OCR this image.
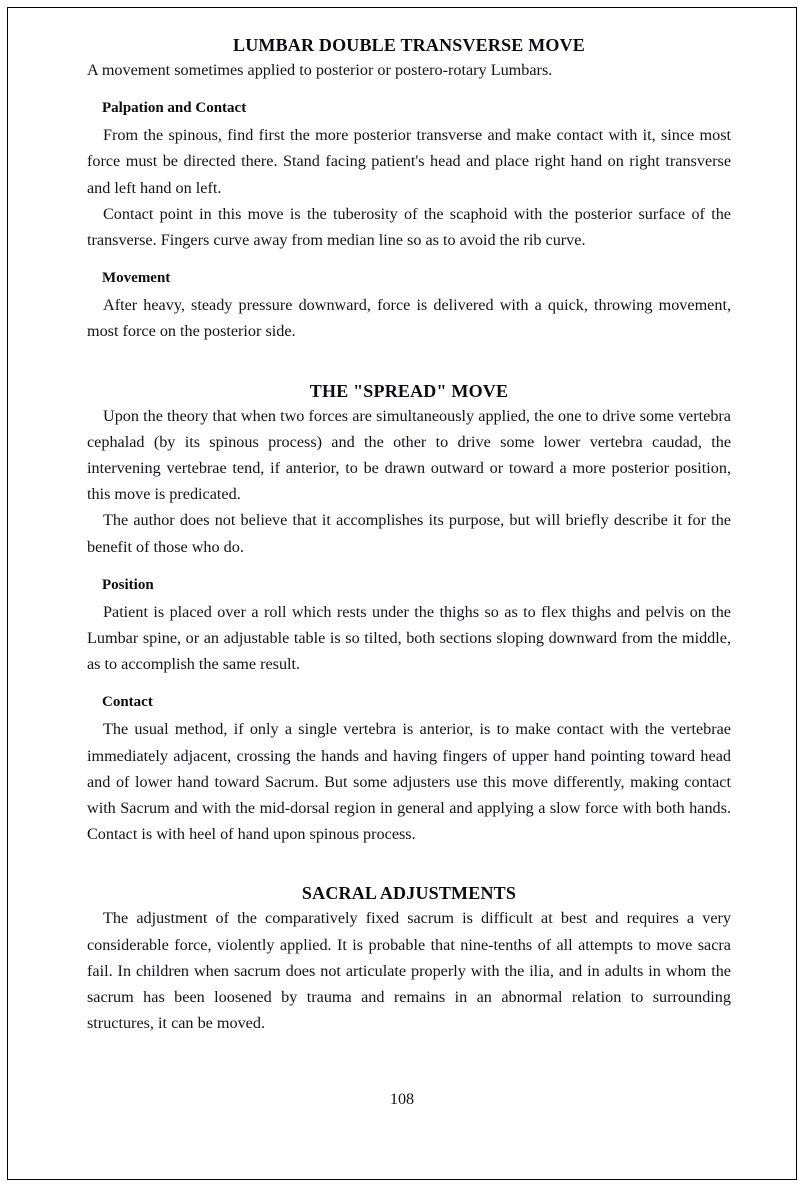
LUMBAR DOUBLE TRANSVERSE MOVE

A movement sometimes applied to posterior or postero-rotary Lumbars.

Palpation and Contact

From the spinous, find first the more posterior transverse and make contact with it, since most force must be directed there. Stand facing patient's head and place right hand on right transverse and left hand on left.

Contact point in this move is the tuberosity of the scaphoid with the posterior surface of the transverse. Fingers curve away from median line so as to avoid the rib curve.

Movement

After heavy, steady pressure downward, force is delivered with a quick, throwing movement, most force on the posterior side.

THE "SPREAD" MOVE

Upon the theory that when two forces are simultaneously applied, the one to drive some vertebra cephalad (by its spinous process) and the other to drive some lower vertebra caudad, the intervening vertebrae tend, if anterior, to be drawn outward or toward a more posterior position, this move is predicated.

The author does not believe that it accomplishes its purpose, but will briefly describe it for the benefit of those who do.

Position

Patient is placed over a roll which rests under the thighs so as to flex thighs and pelvis on the Lumbar spine, or an adjustable table is so tilted, both sections sloping downward from the middle, as to accomplish the same result.

Contact

The usual method, if only a single vertebra is anterior, is to make contact with the vertebrae immediately adjacent, crossing the hands and having fingers of upper hand pointing toward head and of lower hand toward Sacrum. But some adjusters use this move differently, making contact with Sacrum and with the mid-dorsal region in general and applying a slow force with both hands. Contact is with heel of hand upon spinous process.

SACRAL ADJUSTMENTS

The adjustment of the comparatively fixed sacrum is difficult at best and requires a very considerable force, violently applied. It is probable that nine-tenths of all attempts to move sacra fail. In children when sacrum does not articulate properly with the ilia, and in adults in whom the sacrum has been loosened by trauma and remains in an abnormal relation to surrounding structures, it can be moved.

108
